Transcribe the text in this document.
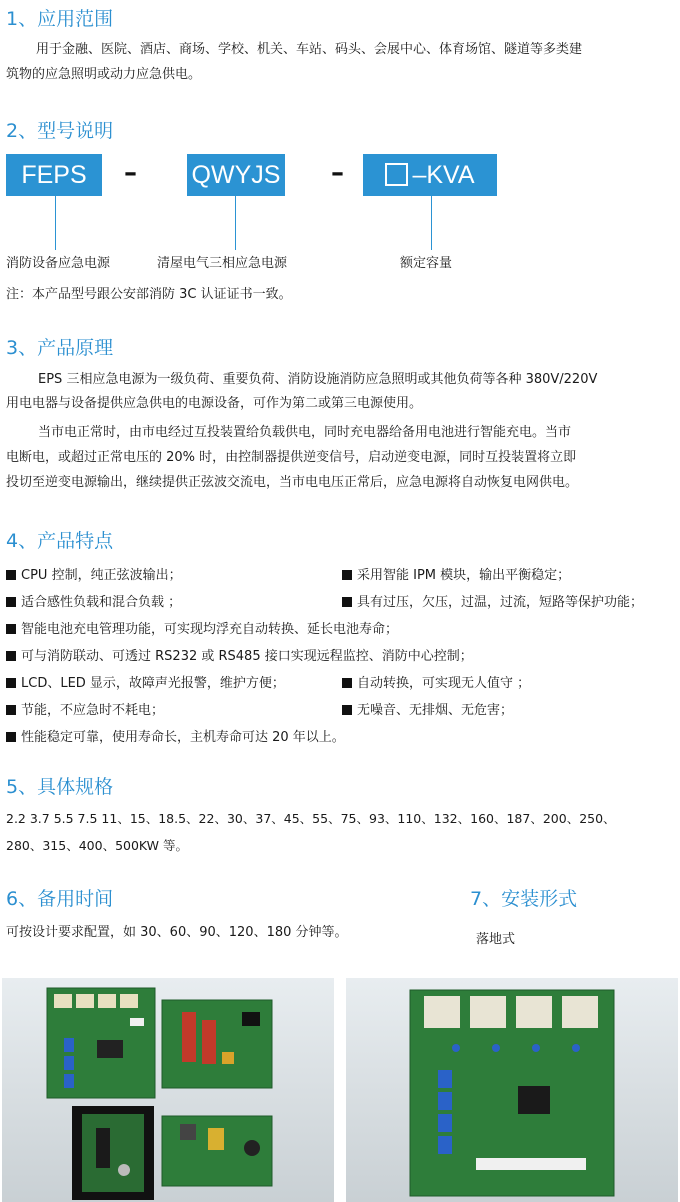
1、应用范围
用于金融、医院、酒店、商场、学校、机关、车站、码头、会展中心、体育场馆、隧道等多类建
筑物的应急照明或动力应急供电。
2、型号说明
FEPS	– QWYJS –	–KVA
消防设备应急电源	清屋电气三相应急电源	额定容量
注：本产品型号跟公安部消防 3C 认证证书一致。
3、产品原理
EPS 三相应急电源为一级负荷、重要负荷、消防设施消防应急照明或其他负荷等各种 380V/220V
用电电器与设备提供应急供电的电源设备，可作为第二或第三电源使用。
当市电正常时，由市电经过互投装置给负载供电，同时充电器给备用电池进行智能充电。当市
电断电，或超过正常电压的 20% 时，由控制器提供逆变信号，启动逆变电源，同时互投装置将立即
投切至逆变电源输出，继续提供正弦波交流电，当市电电压正常后，应急电源将自动恢复电网供电。
4、产品特点
CPU 控制，纯正弦波输出；	采用智能 IPM 模块，输出平衡稳定；
适合感性负载和混合负载 ；	具有过压，欠压，过温，过流，短路等保护功能；
智能电池充电管理功能，可实现均浮充自动转换、延长电池寿命；
可与消防联动、可透过 RS232 或 RS485 接口实现远程监控、消防中心控制；
LCD、LED 显示，故障声光报警，维护方便；	自动转换，可实现无人值守 ；
节能，不应急时不耗电；	无噪音、无排烟、无危害；
性能稳定可靠，使用寿命长，主机寿命可达 20 年以上。
5、具体规格
2.2 3.7 5.5 7.5 11、15、18.5、22、30、37、45、55、75、93、110、132、160、187、200、250、
280、315、400、500KW 等。
6、备用时间
可按设计要求配置，如 30、60、90、120、180 分钟等。
7、安装形式
落地式
